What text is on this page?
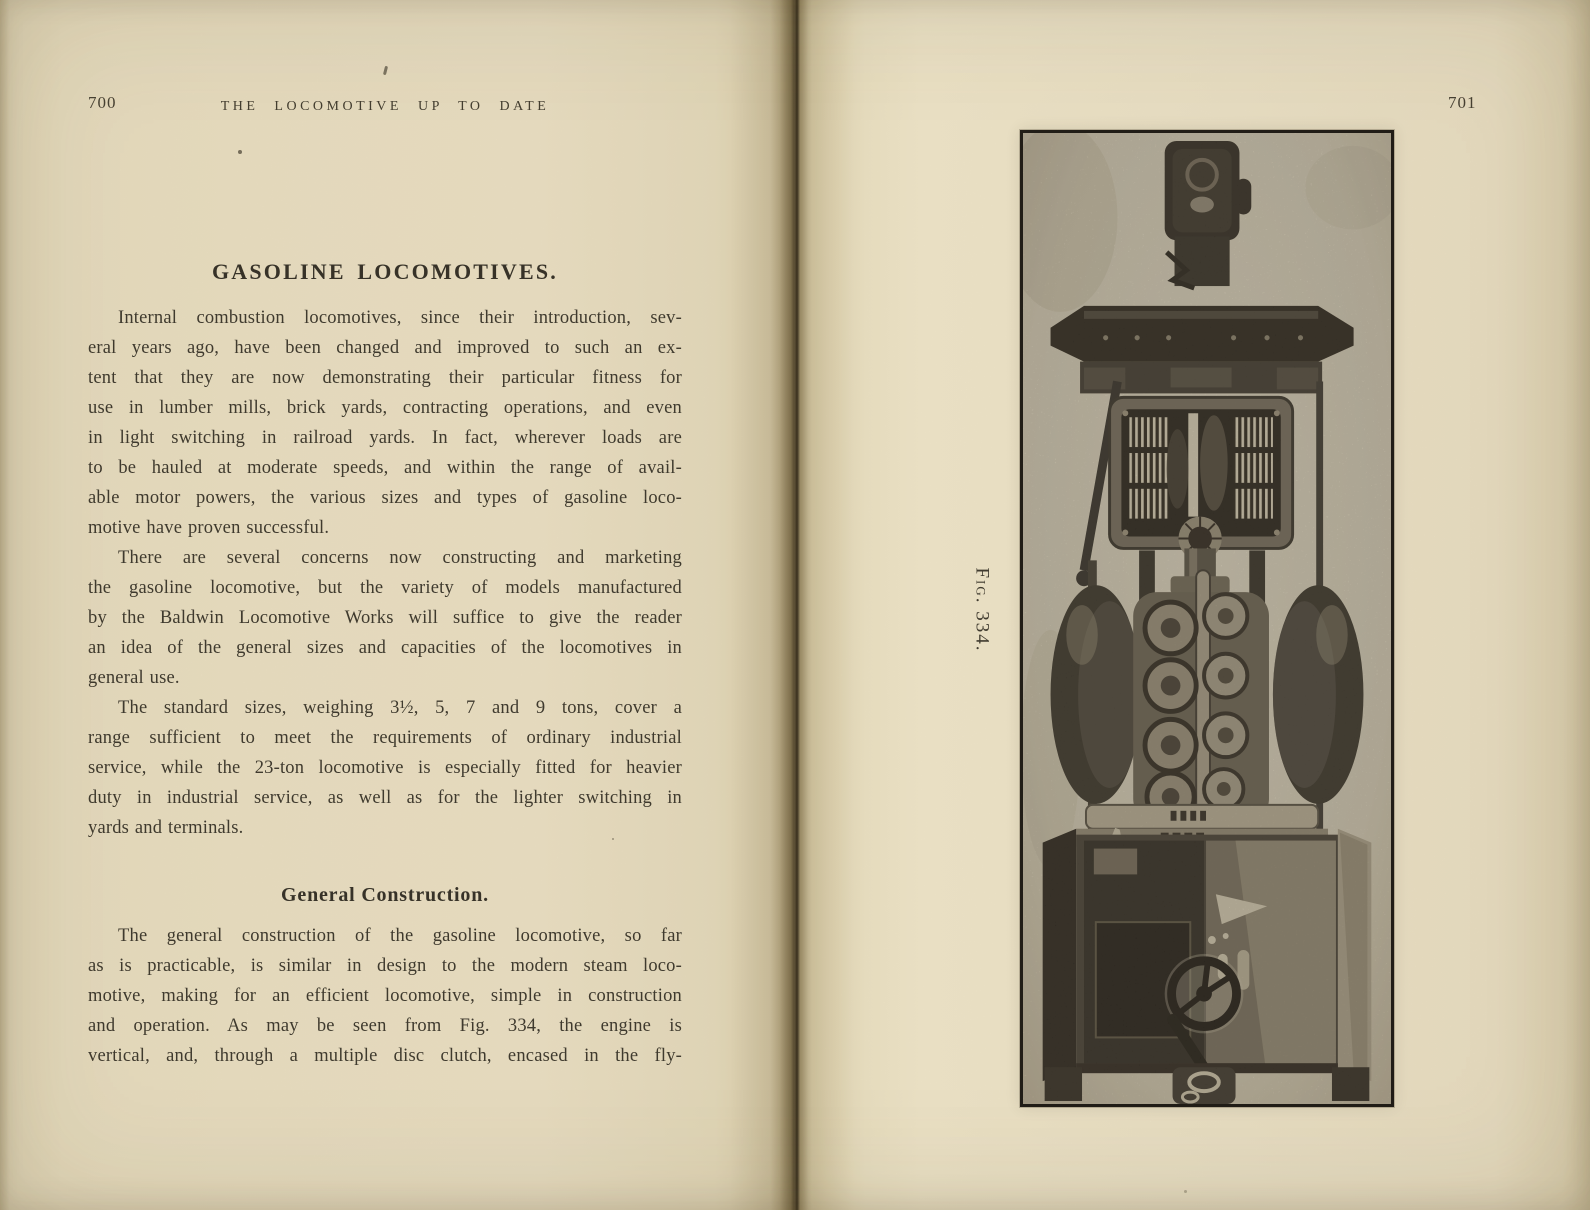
700	THE LOCOMOTIVE UP TO DATE
GASOLINE LOCOMOTIVES.
Internal combustion locomotives, since their introduction, sev-
eral years ago, have been changed and improved to such an ex-
tent that they are now demonstrating their particular fitness for
use in lumber mills, brick yards, contracting operations, and even
in light switching in railroad yards. In fact, wherever loads are
to be hauled at moderate speeds, and within the range of avail-
able motor powers, the various sizes and types of gasoline loco-
motive have proven successful.
There are several concerns now constructing and marketing
the gasoline locomotive, but the variety of models manufactured
by the Baldwin Locomotive Works will suffice to give the reader
an idea of the general sizes and capacities of the locomotives in
general use.
The standard sizes, weighing 3½, 5, 7 and 9 tons, cover a
range sufficient to meet the requirements of ordinary industrial
service, while the 23-ton locomotive is especially fitted for heavier
duty in industrial service, as well as for the lighter switching in
yards and terminals.
General Construction.
The general construction of the gasoline locomotive, so far
as is practicable, is similar in design to the modern steam loco-
motive, making for an efficient locomotive, simple in construction
and operation. As may be seen from Fig. 334, the engine is
vertical, and, through a multiple disc clutch, encased in the fly-
701
Fig. 334.
